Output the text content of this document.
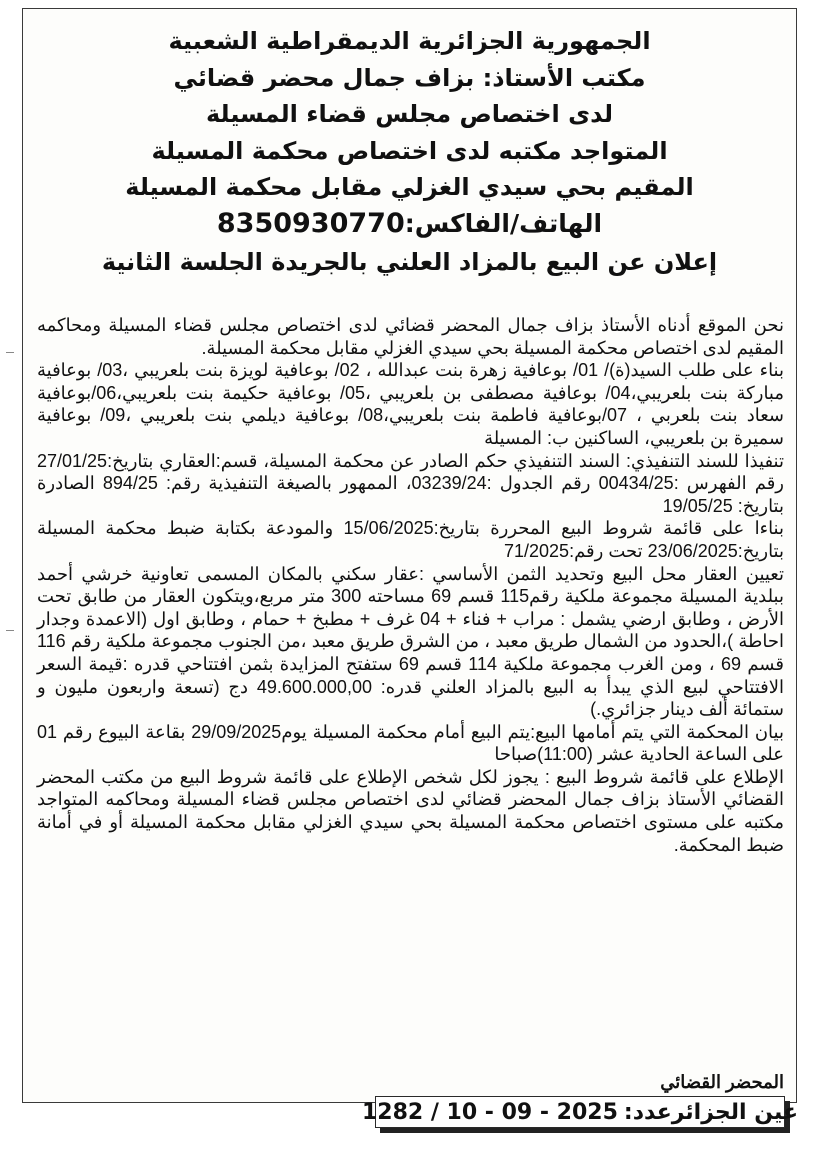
الجمهورية الجزائرية الديمقراطية الشعبية
مكتب الأستاذ: بزاف جمال محضر قضائي
لدى اختصاص مجلس قضاء المسيلة
المتواجد مكتبه لدى اختصاص محكمة المسيلة
المقيم بحي سيدي الغزلي مقابل محكمة المسيلة
الهاتف/الفاكس:8350930770
إعلان عن البيع بالمزاد العلني بالجريدة الجلسة الثانية

نحن الموقع أدناه الأستاذ بزاف جمال المحضر قضائي لدى اختصاص مجلس قضاء المسيلة ومحاكمه المقيم لدى اختصاص محكمة المسيلة بحي سيدي الغزلي مقابل محكمة المسيلة.

بناء على طلب السيد(ة)/ 01/ بوعافية زهرة بنت عبدالله ، 02/ بوعافية لويزة بنت بلعريبي ،03/ بوعافية مباركة بنت بلعريبي،04/ بوعافية مصطفى بن بلعريبي ،05/ بوعافية حكيمة بنت بلعريبي،06/بوعافية سعاد بنت بلعربي ، 07/بوعافية فاطمة بنت بلعريبي،08/ بوعافية ديلمي بنت بلعريبي ،09/ بوعافية سميرة بن بلعريبي، الساكنين ب: المسيلة

تنفيذا للسند التنفيذي: السند التنفيذي حكم الصادر عن محكمة المسيلة، قسم:العقاري بتاريخ:27/01/25 رقم الفهرس :00434/25 رقم الجدول :03239/24، الممهور بالصيغة التنفيذية رقم: 894/25 الصادرة بتاريخ: 19/05/25

بناءا على قائمة شروط البيع المحررة بتاريخ:15/06/2025 والمودعة بكتابة ضبط محكمة المسيلة بتاريخ:23/06/2025 تحت رقم:71/2025

تعيين العقار محل البيع وتحديد الثمن الأساسي :عقار سكني بالمكان المسمى تعاونية خرشي أحمد ببلدية المسيلة مجموعة ملكية رقم115 قسم 69 مساحته 300 متر مربع،ويتكون العقار من طابق تحت الأرض ، وطابق ارضي يشمل : مراب + فناء + 04 غرف + مطبخ + حمام ، وطابق اول (الاعمدة وجدار احاطة )،الحدود من الشمال طريق معبد ، من الشرق طريق معبد ،من الجنوب مجموعة ملكية رقم 116 قسم 69 ، ومن الغرب مجموعة ملكية 114 قسم 69 ستفتح المزايدة بثمن افتتاحي قدره :قيمة السعر الافتتاحي لبيع الذي يبدأ به البيع بالمزاد العلني قدره: 49.600.000,00 دج (تسعة واربعون مليون و ستمائة ألف دينار جزائري.)

بيان المحكمة التي يتم أمامها البيع:يتم البيع أمام محكمة المسيلة يوم29/09/2025 بقاعة البيوع رقم 01 على الساعة الحادية عشر (11:00)صباحا

الإطلاع على قائمة شروط البيع : يجوز لكل شخص الإطلاع على قائمة شروط البيع من مكتب المحضر القضائي الأستاذ بزاف جمال المحضر قضائي لدى اختصاص مجلس قضاء المسيلة ومحاكمه المتواجد مكتبه على مستوى اختصاص محكمة المسيلة بحي سيدي الغزلي مقابل محكمة المسيلة أو في أمانة ضبط المحكمة.

المحضر القضائي
عين الجزائرعدد:
1282 / 10 - 09 - 2025
